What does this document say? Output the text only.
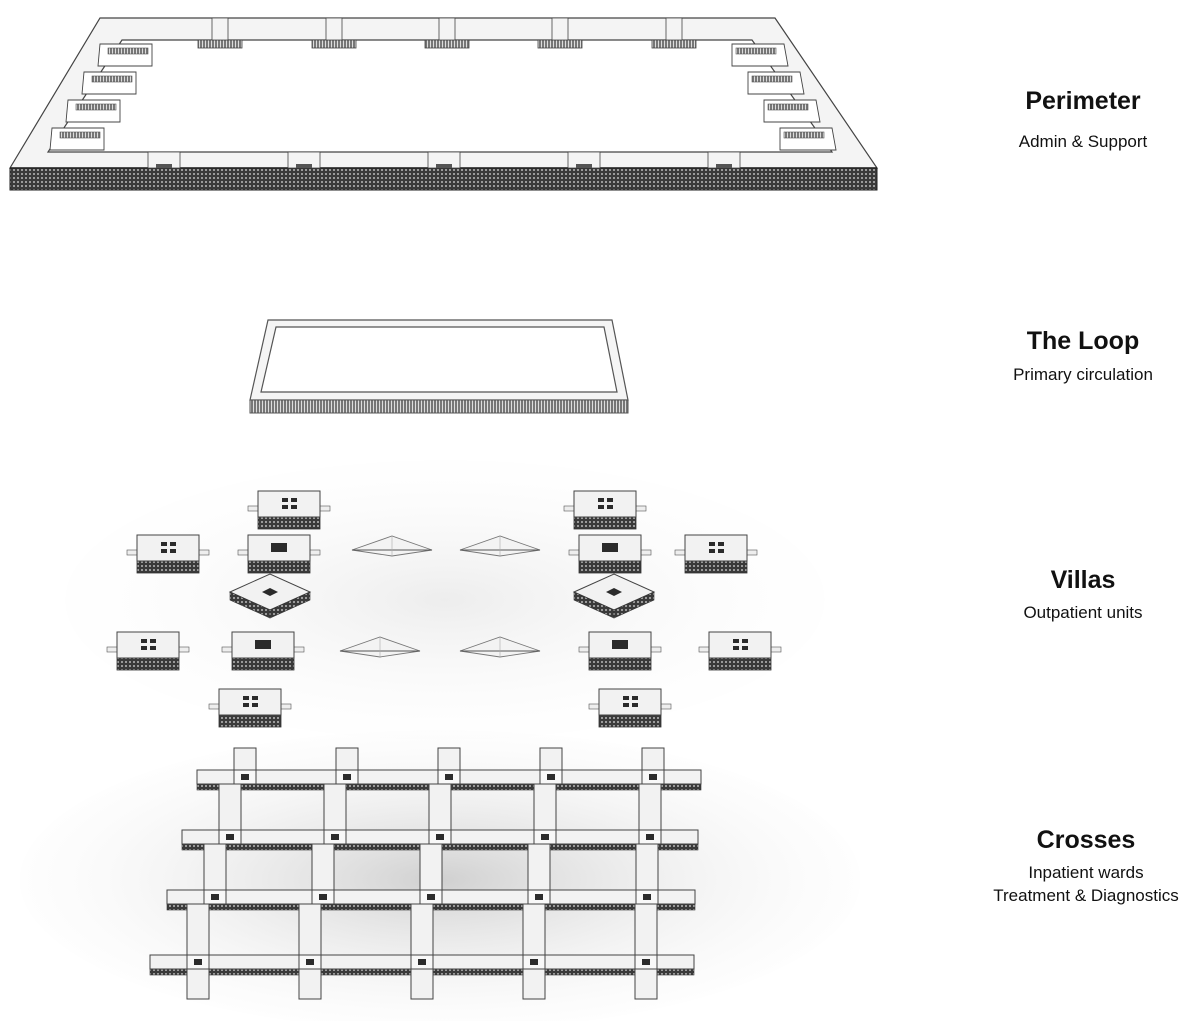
Perimeter
Admin & Support
The Loop
Primary circulation
Villas
Outpatient units
Crosses
Inpatient wards
Treatment & Diagnostics
